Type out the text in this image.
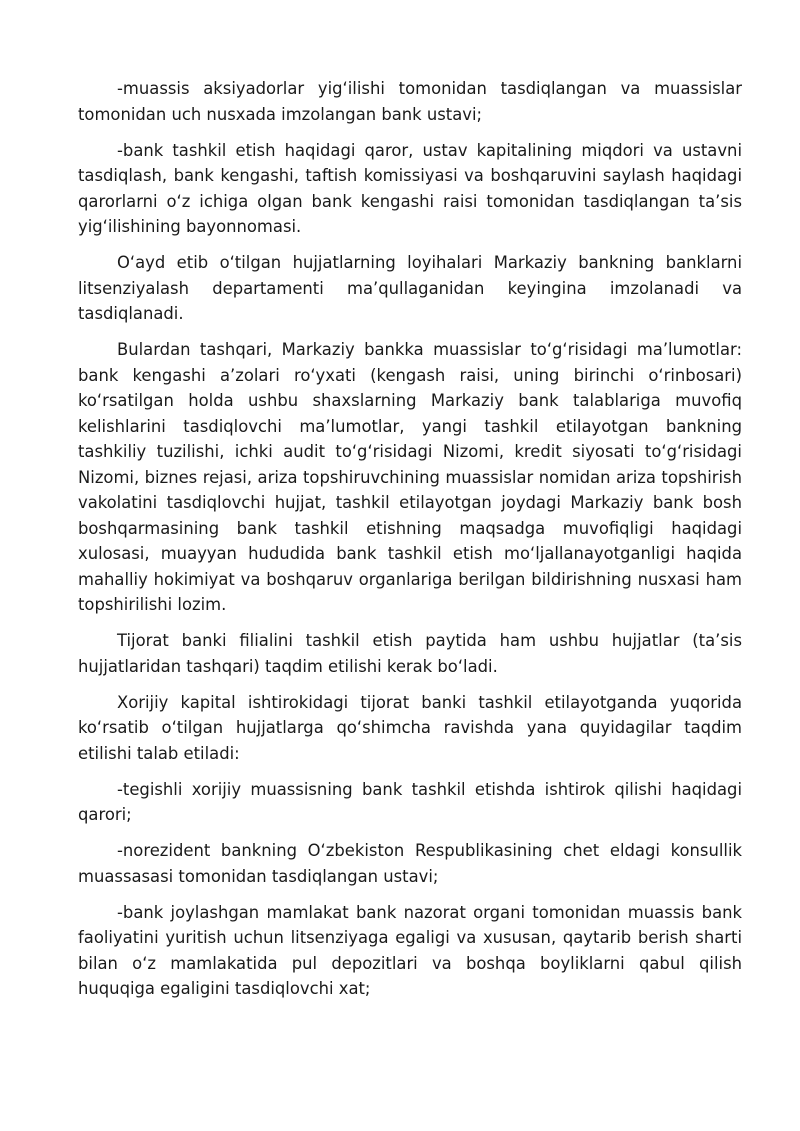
-muassis aksiyadorlar yig‘ilishi tomonidan tasdiqlangan va muassislar tomonidan uch nusxada imzolangan bank ustavi;

-bank tashkil etish haqidagi qaror, ustav kapitalining miqdori va ustavni tasdiqlash, bank kengashi, taftish komissiyasi va boshqaruvini saylash haqidagi qarorlarni o‘z ichiga olgan bank kengashi raisi tomonidan tasdiqlangan ta’sis yig‘ilishining bayonnomasi.

O‘ayd etib o‘tilgan hujjatlarning loyihalari Markaziy bankning banklarni litsenziyalash departamenti ma’qullaganidan keyingina imzolanadi va tasdiqlanadi.

Bulardan tashqari, Markaziy bankka muassislar to‘g‘risidagi ma’lumotlar: bank kengashi a’zolari ro‘yxati (kengash raisi, uning birinchi o‘rinbosari) ko‘rsatilgan holda ushbu shaxslarning Markaziy bank talablariga muvofiq kelishlarini tasdiqlovchi ma’lumotlar, yangi tashkil etilayotgan bankning tashkiliy tuzilishi, ichki audit to‘g‘risidagi Nizomi, kredit siyosati to‘g‘risidagi Nizomi, biznes rejasi, ariza topshiruvchining muassislar nomidan ariza topshirish vakolatini tasdiqlovchi hujjat, tashkil etilayotgan joydagi Markaziy bank bosh boshqarmasining bank tashkil etishning maqsadga muvofiqligi haqidagi xulosasi, muayyan hududida bank tashkil etish mo‘ljallanayotganligi haqida mahalliy hokimiyat va boshqaruv organlariga berilgan bildirishning nusxasi ham topshirilishi lozim.

Tijorat banki filialini tashkil etish paytida ham ushbu hujjatlar (ta’sis hujjatlaridan tashqari) taqdim etilishi kerak bo‘ladi.

Xorijiy kapital ishtirokidagi tijorat banki tashkil etilayotganda yuqorida ko‘rsatib o‘tilgan hujjatlarga qo‘shimcha ravishda yana quyidagilar taqdim etilishi talab etiladi:

-tegishli xorijiy muassisning bank tashkil etishda ishtirok qilishi haqidagi qarori;

-norezident bankning O‘zbekiston Respublikasining chet eldagi konsullik muassasasi tomonidan tasdiqlangan ustavi;

-bank joylashgan mamlakat bank nazorat organi tomonidan muassis bank faoliyatini yuritish uchun litsenziyaga egaligi va xususan, qaytarib berish sharti bilan o‘z mamlakatida pul depozitlari va boshqa boyliklarni qabul qilish huquqiga egaligini tasdiqlovchi xat;
